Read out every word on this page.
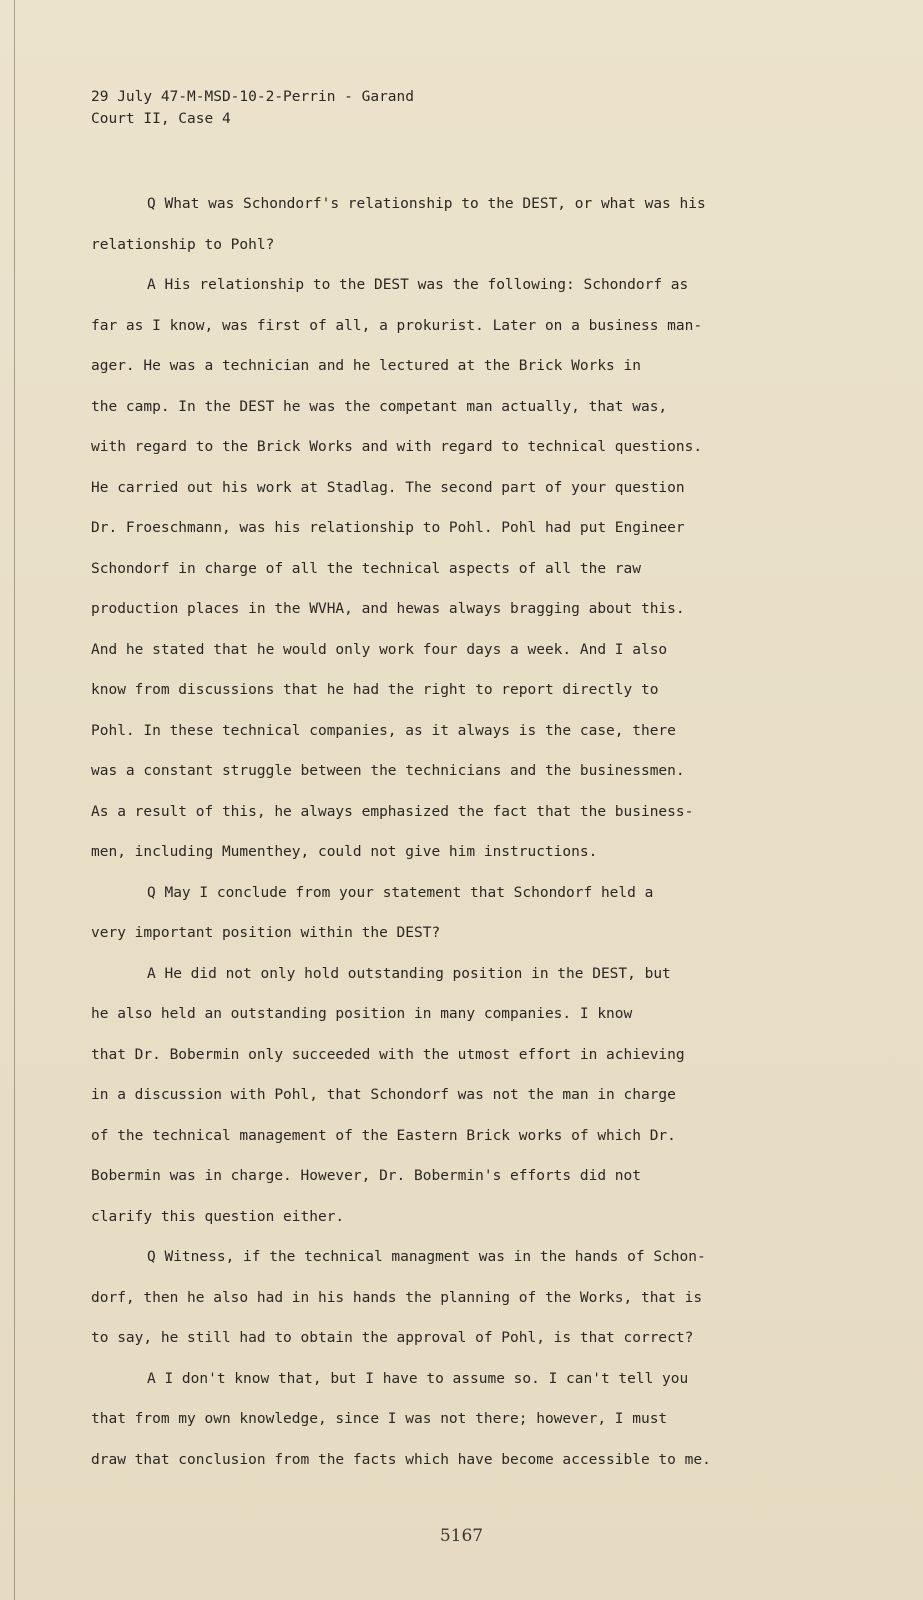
29 July 47-M-MSD-10-2-Perrin - Garand
Court II, Case 4
Q What was Schondorf's relationship to the DEST, or what was his
relationship to Pohl?
A His relationship to the DEST was the following: Schondorf as
far as I know, was first of all, a prokurist. Later on a business man-
ager. He was a technician and he lectured at the Brick Works in
the camp. In the DEST he was the competant man actually, that was,
with regard to the Brick Works and with regard to technical questions.
He carried out his work at Stadlag. The second part of your question
Dr. Froeschmann, was his relationship to Pohl. Pohl had put Engineer
Schondorf in charge of all the technical aspects of all the raw
production places in the WVHA, and hewas always bragging about this.
And he stated that he would only work four days a week. And I also
know from discussions that he had the right to report directly to
Pohl. In these technical companies, as it always is the case, there
was a constant struggle between the technicians and the businessmen.
As a result of this, he always emphasized the fact that the business-
men, including Mumenthey, could not give him instructions.
Q May I conclude from your statement that Schondorf held a
very important position within the DEST?
A He did not only hold outstanding position in the DEST, but
he also held an outstanding position in many companies. I know
that Dr. Bobermin only succeeded with the utmost effort in achieving
in a discussion with Pohl, that Schondorf was not the man in charge
of the technical management of the Eastern Brick works of which Dr.
Bobermin was in charge. However, Dr. Bobermin's efforts did not
clarify this question either.
Q Witness, if the technical managment was in the hands of Schon-
dorf, then he also had in his hands the planning of the Works, that is
to say, he still had to obtain the approval of Pohl, is that correct?
A I don't know that, but I have to assume so. I can't tell you
that from my own knowledge, since I was not there; however, I must
draw that conclusion from the facts which have become accessible to me.
5167
